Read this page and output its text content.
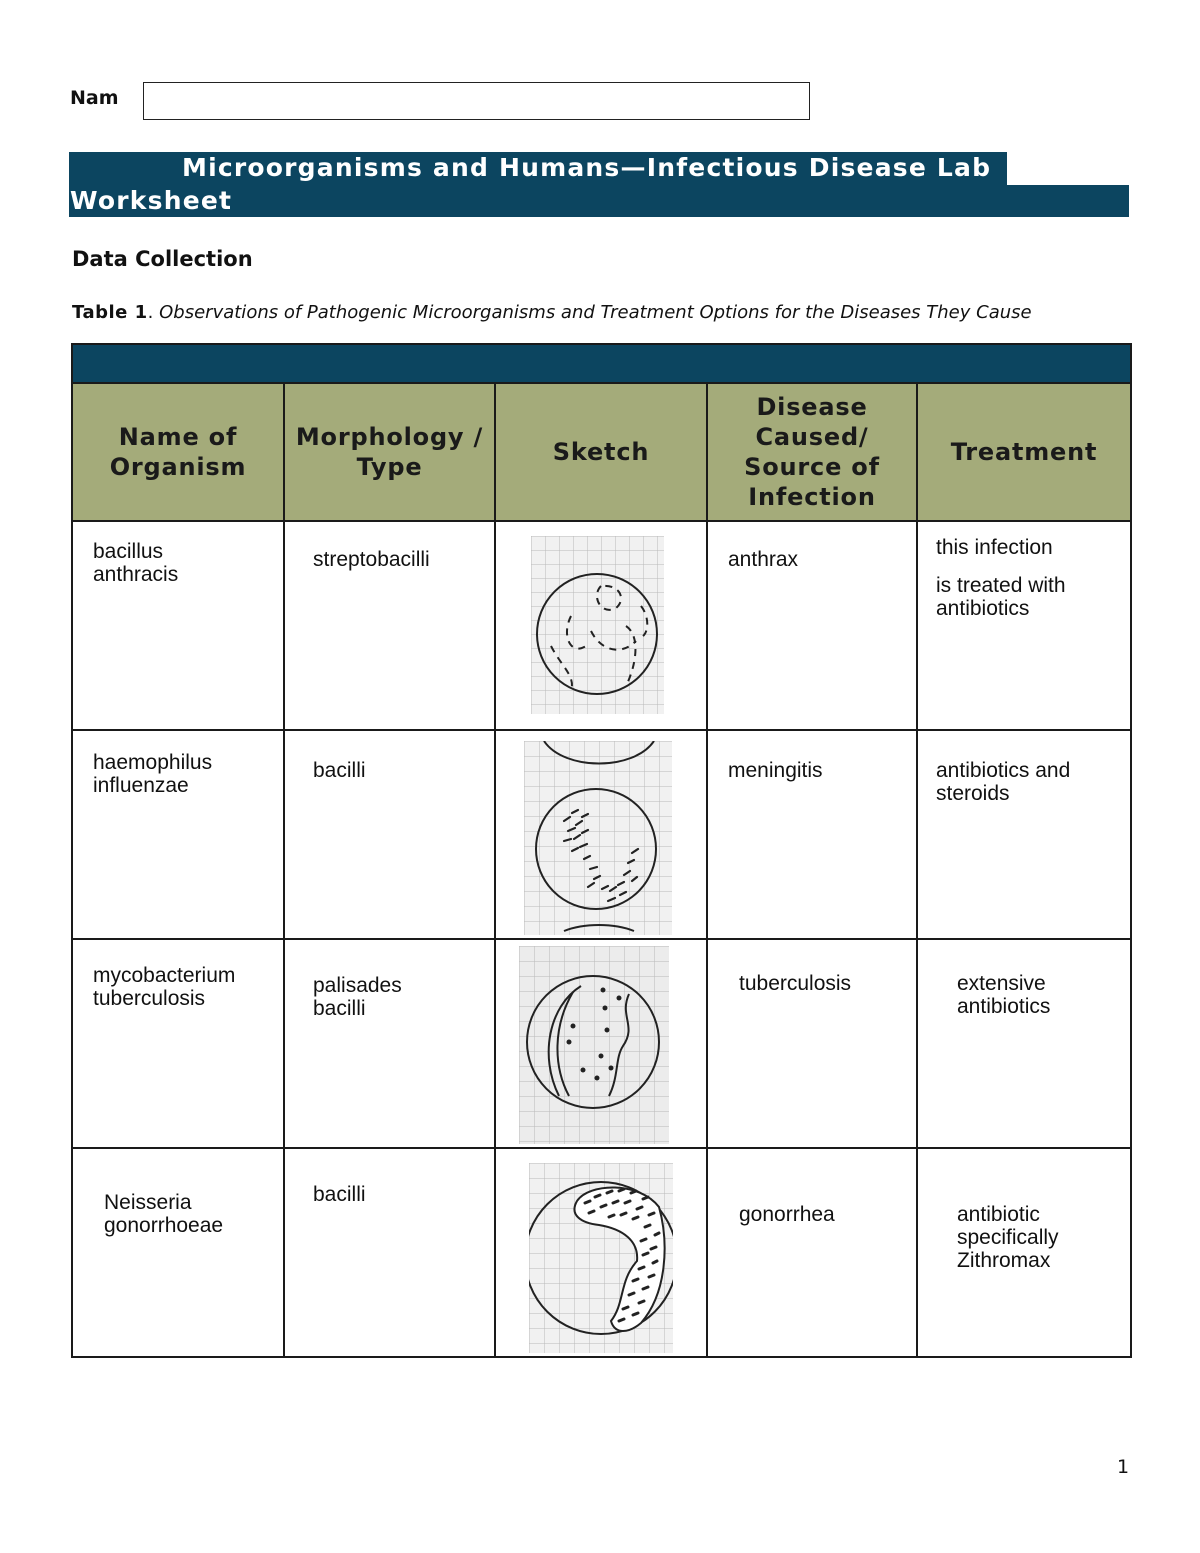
Nam
Microorganisms and Humans—Infectious Disease Lab
Worksheet
Data Collection
Table 1. Observations of Pathogenic Microorganisms and Treatment Options for the Diseases They Cause

Name of Organism	Morphology / Type	Sketch	Disease Caused/ Source of Infection	Treatment

bacillus anthracis	streptobacilli		anthrax	this infection
is treated with antibiotics

haemophilus influenzae	bacilli		meningitis	antibiotics and steroids

mycobacterium tuberculosis	palisades bacilli		tuberculosis	extensive antibiotics

Neisseria gonorrhoeae	bacilli		gonorrhea	antibiotic specifically Zithromax
1
